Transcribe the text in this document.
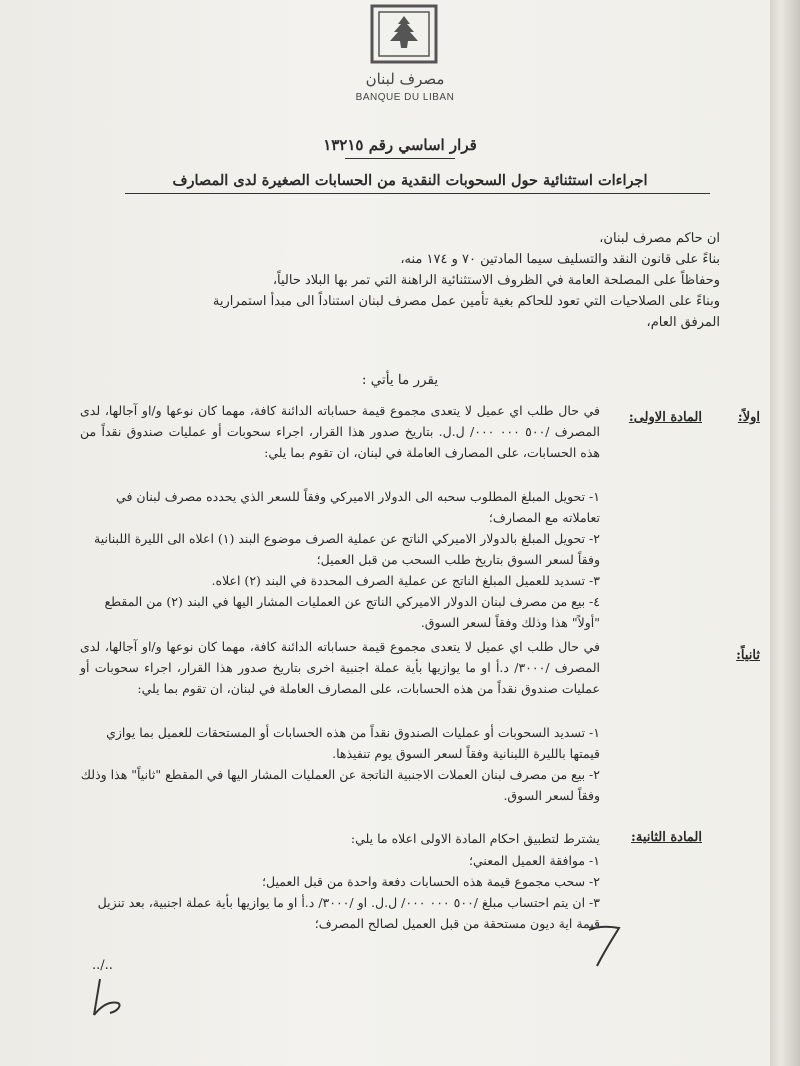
مصرف لبنان
BANQUE DU LIBAN
قرار اساسي رقم ١٣٢١٥
اجراءات استثنائية حول السحوبات النقدية من الحسابات الصغيرة لدى المصارف
ان حاكم مصرف لبنان،
بناءً على قانون النقد والتسليف سيما المادتين ٧٠ و ١٧٤ منه،
وحفاظاً على المصلحة العامة في الظروف الاستثنائية الراهنة التي تمر بها البلاد حالياً،
وبناءً على الصلاحيات التي تعود للحاكم بغية تأمين عمل مصرف لبنان استناداً الى مبدأ استمرارية
المرفق العام،
يقرر ما يأتي :
المادة الاولى:	اولاً:
في حال طلب اي عميل لا يتعدى مجموع قيمة حساباته الدائنة كافة، مهما كان نوعها و/او آجالها، لدى المصرف /٥٠٠ ٠٠٠ ٠٠٠/ ل.ل. بتاريخ صدور هذا القرار، اجراء سحوبات أو عمليات صندوق نقداً من هذه الحسابات، على المصارف العاملة في لبنان، ان تقوم بما يلي:
١- تحويل المبلغ المطلوب سحبه الى الدولار الاميركي وفقاً للسعر الذي يحدده مصرف لبنان في تعاملاته مع المصارف؛
٢- تحويل المبلغ بالدولار الاميركي الناتج عن عملية الصرف موضوع البند (١) اعلاه الى الليرة اللبنانية وفقاً لسعر السوق بتاريخ طلب السحب من قبل العميل؛
٣- تسديد للعميل المبلغ الناتج عن عملية الصرف المحددة في البند (٢) اعلاه.
٤- بيع من مصرف لبنان الدولار الاميركي الناتج عن العمليات المشار اليها في البند (٢) من المقطع "أولاً" هذا وذلك وفقاً لسعر السوق.
ثانياً:
في حال طلب اي عميل لا يتعدى مجموع قيمة حساباته الدائنة كافة، مهما كان نوعها و/او آجالها، لدى المصرف /٣٠٠٠/ د.أ او ما يوازيها بأية عملة اجنبية اخرى بتاريخ صدور هذا القرار، اجراء سحوبات أو عمليات صندوق نقداً من هذه الحسابات، على المصارف العاملة في لبنان، ان تقوم بما يلي:
١- تسديد السحوبات أو عمليات الصندوق نقداً من هذه الحسابات أو المستحقات للعميل بما يوازي قيمتها بالليرة اللبنانية وفقاً لسعر السوق يوم تنفيذها.
٢- بيع من مصرف لبنان العملات الاجنبية الناتجة عن العمليات المشار اليها في المقطع "ثانياً" هذا وذلك وفقاً لسعر السوق.
المادة الثانية:
يشترط لتطبيق احكام المادة الاولى اعلاه ما يلي:
١- موافقة العميل المعني؛
٢- سحب مجموع قيمة هذه الحسابات دفعة واحدة من قبل العميل؛
٣- ان يتم احتساب مبلغ /٥٠٠ ٠٠٠ ٠٠٠/ ل.ل. او /٣٠٠٠/ د.أ او ما يوازيها بأية عملة اجنبية، بعد تنزيل قيمة اية ديون مستحقة من قبل العميل لصالح المصرف؛
../..
